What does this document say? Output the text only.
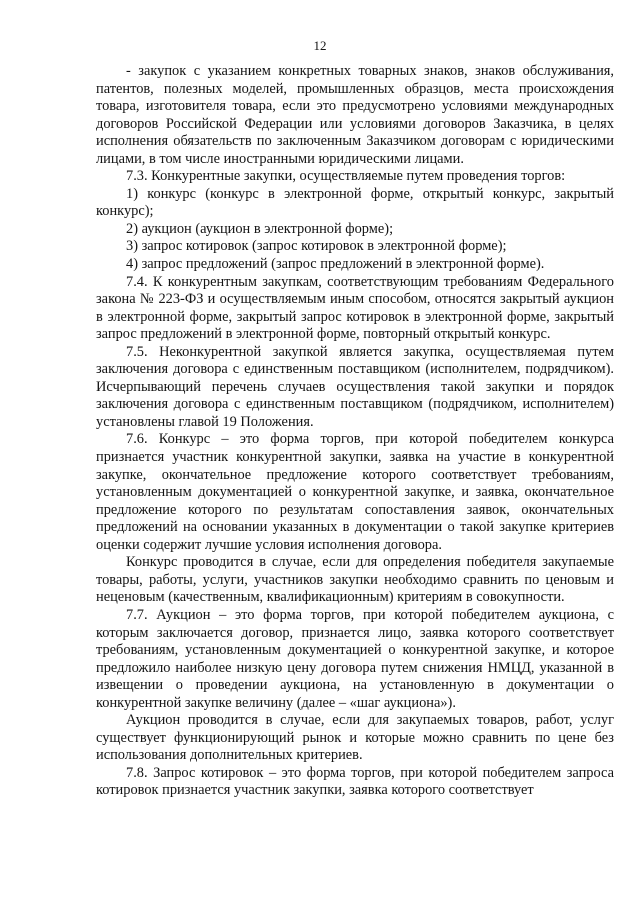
12

- закупок с указанием конкретных товарных знаков, знаков обслуживания, патентов, полезных моделей, промышленных образцов, места происхождения товара, изготовителя товара, если это предусмотрено условиями международных договоров Российской Федерации или условиями договоров Заказчика, в целях исполнения обязательств по заключенным Заказчиком договорам с юридическими лицами, в том числе иностранными юридическими лицами.

7.3. Конкурентные закупки, осуществляемые путем проведения торгов:

1) конкурс (конкурс в электронной форме, открытый конкурс, закрытый конкурс);

2) аукцион (аукцион в электронной форме);

3) запрос котировок (запрос котировок в электронной форме);

4) запрос предложений (запрос предложений в электронной форме).

7.4. К конкурентным закупкам, соответствующим требованиям Федерального закона № 223-ФЗ и осуществляемым иным способом, относятся закрытый аукцион в электронной форме, закрытый запрос котировок в электронной форме, закрытый запрос предложений в электронной форме, повторный открытый конкурс.

7.5. Неконкурентной закупкой является закупка, осуществляемая путем заключения договора с единственным поставщиком (исполнителем, подрядчиком). Исчерпывающий перечень случаев осуществления такой закупки и порядок заключения договора с единственным поставщиком (подрядчиком, исполнителем) установлены главой 19 Положения.

7.6. Конкурс – это форма торгов, при которой победителем конкурса признается участник конкурентной закупки, заявка на участие в конкурентной закупке, окончательное предложение которого соответствует требованиям, установленным документацией о конкурентной закупке, и заявка, окончательное предложение которого по результатам сопоставления заявок, окончательных предложений на основании указанных в документации о такой закупке критериев оценки содержит лучшие условия исполнения договора.

Конкурс проводится в случае, если для определения победителя закупаемые товары, работы, услуги, участников закупки необходимо сравнить по ценовым и неценовым (качественным, квалификационным) критериям в совокупности.

7.7. Аукцион – это форма торгов, при которой победителем аукциона, с которым заключается договор, признается лицо, заявка которого соответствует требованиям, установленным документацией о конкурентной закупке, и которое предложило наиболее низкую цену договора путем снижения НМЦД, указанной в извещении о проведении аукциона, на установленную в документации о конкурентной закупке величину (далее – «шаг аукциона»).

Аукцион проводится в случае, если для закупаемых товаров, работ, услуг существует функционирующий рынок и которые можно сравнить по цене без использования дополнительных критериев.

7.8. Запрос котировок – это форма торгов, при которой победителем запроса котировок признается участник закупки, заявка которого соответствует
